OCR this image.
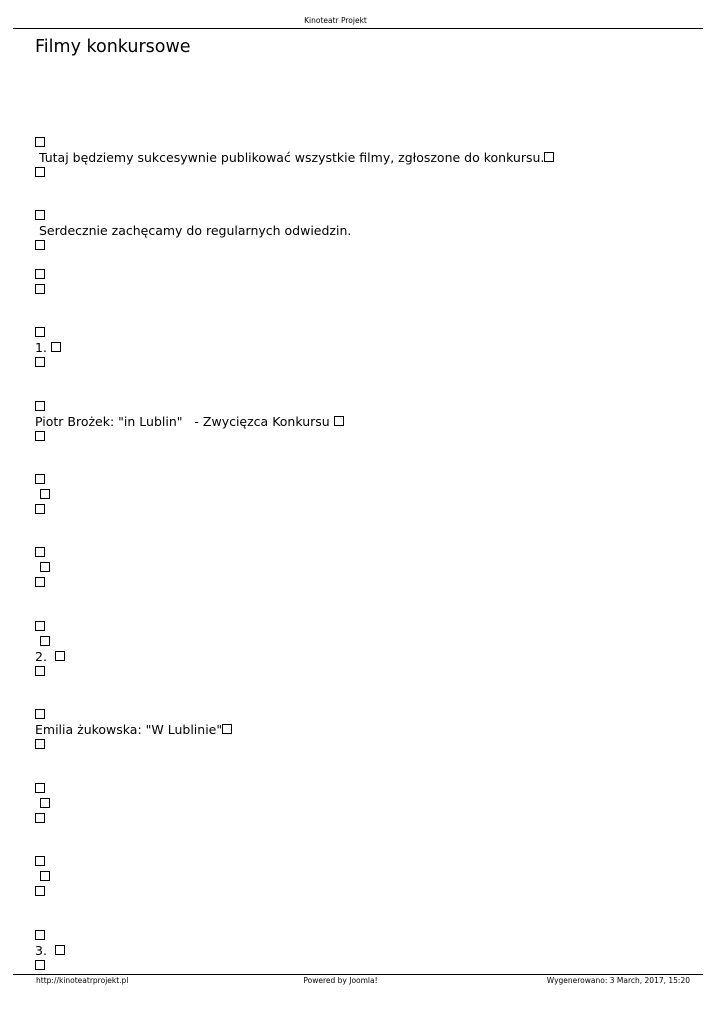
Kinoteatr Projekt
Filmy konkursowe
Tutaj będziemy sukcesywnie publikować wszystkie filmy, zgłoszone do konkursu.
Serdecznie zachęcamy do regularnych odwiedzin.
1.
Piotr Brożek: "in Lublin"   - Zwycięzca Konkursu
2.
Emilia żukowska: "W Lublinie"
3.
http://kinoteatrprojekt.pl	Powered by Joomla!	Wygenerowano: 3 March, 2017, 15:20
